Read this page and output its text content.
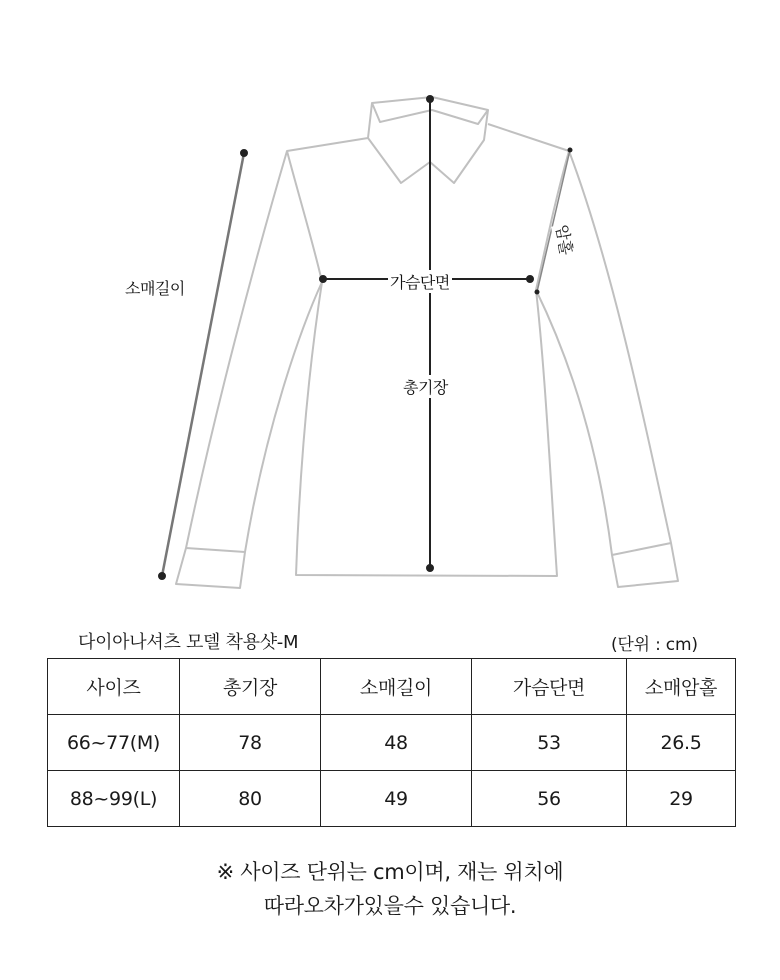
소매길이	가슴단면
총기장
암홀
다이아나셔츠 모델 착용샷-M	(단위 : cm)
사이즈	총기장	소매길이	가슴단면	소매암홀
66~77(M)	78	48	53	26.5
88~99(L)	80	49	56	29
※ 사이즈 단위는 cm이며, 재는 위치에
따라오차가있을수 있습니다.
